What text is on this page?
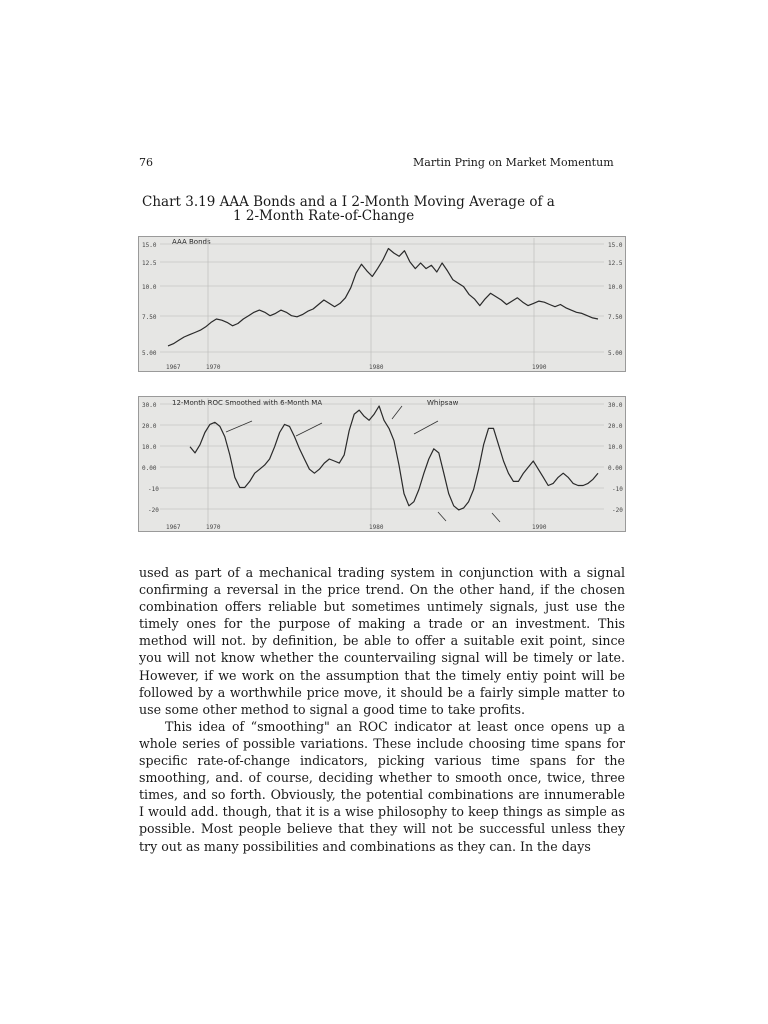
76	Martin Pring on Market Momentum
Chart 3.19 AAA Bonds and a I 2-Month Moving Average of a
1 2-Month Rate-of-Change
AAA Bonds
15.0
12.5
10.0
7.50
5.00
15.0
12.5
10.0
7.50
5.00
1967	1970	1980	1990
12-Month ROC Smoothed with 6-Month MA	Whipsaw
30.0
20.0
10.0
0.00
-10
-20
30.0
20.0
10.0
0.00
-10
-20
1967	1970	1980	1990

used as part of a mechanical trading system in conjunction with a signal confirming a reversal in the price trend. On the other hand, if the chosen combination offers reliable but sometimes untimely signals, just use the timely ones for the purpose of making a trade or an investment. This method will not. by definition, be able to offer a suitable exit point, since you will not know whether the countervailing signal will be timely or late. However, if we work on the assumption that the timely entiy point will be followed by a worthwhile price move, it should be a fairly simple matter to use some other method to signal a good time to take profits.

This idea of “smoothing" an ROC indicator at least once opens up a whole series of possible variations. These include choosing time spans for specific rate-of-change indicators, picking various time spans for the smoothing, and. of course, deciding whether to smooth once, twice, three times, and so forth. Obviously, the potential combinations are innumerable I would add. though, that it is a wise philosophy to keep things as simple as possible. Most people believe that they will not be successful unless they try out as many possibilities and combinations as they can. In the days
